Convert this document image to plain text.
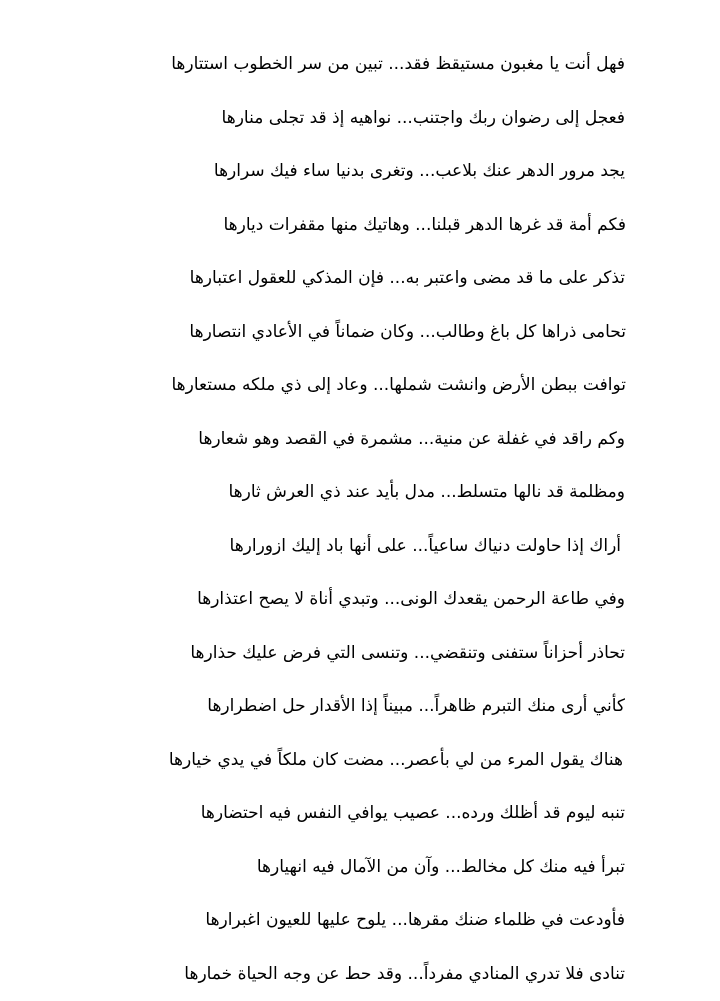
فهل أنت يا مغبون مستيقظ فقد... تبين من سر الخطوب استتارها
فعجل إلى رضوان ربك واجتنب... نواهيه إذ قد تجلى منارها
يجد مرور الدهر عنك بلاعب... وتغرى بدنيا ساء فيك سرارها
فكم أمة قد غرها الدهر قبلنا... وهاتيك منها مقفرات ديارها
تذكر على ما قد مضى واعتبر به... فإن المذكي للعقول اعتبارها
تحامى ذراها كل باغ وطالب... وكان ضماناً في الأعادي انتصارها
توافت ببطن الأرض وانشت شملها... وعاد إلى ذي ملكه مستعارها
وكم راقد في غفلة عن منية... مشمرة في القصد وهو شعارها
ومظلمة قد نالها متسلط... مدل بأيد عند ذي العرش ثارها
أراك إذا حاولت دنياك ساعياً... على أنها باد إليك ازورارها
وفي طاعة الرحمن يقعدك الونى... وتبدي أناة لا يصح اعتذارها
تحاذر أحزاناً ستفنى وتنقضي... وتنسى التي فرض عليك حذارها
كأني أرى منك التبرم ظاهراً... مبيناً إذا الأقدار حل اضطرارها
هناك يقول المرء من لي بأعصر... مضت كان ملكاً في يدي خيارها
تنبه ليوم قد أظلك ورده... عصيب يوافي النفس فيه احتضارها
تبرأ فيه منك كل مخالط... وآن من الآمال فيه انهيارها
فأودعت في ظلماء ضنك مقرها... يلوح عليها للعيون اغبرارها
تنادى فلا تدري المنادي مفرداً... وقد حط عن وجه الحياة خمارها
